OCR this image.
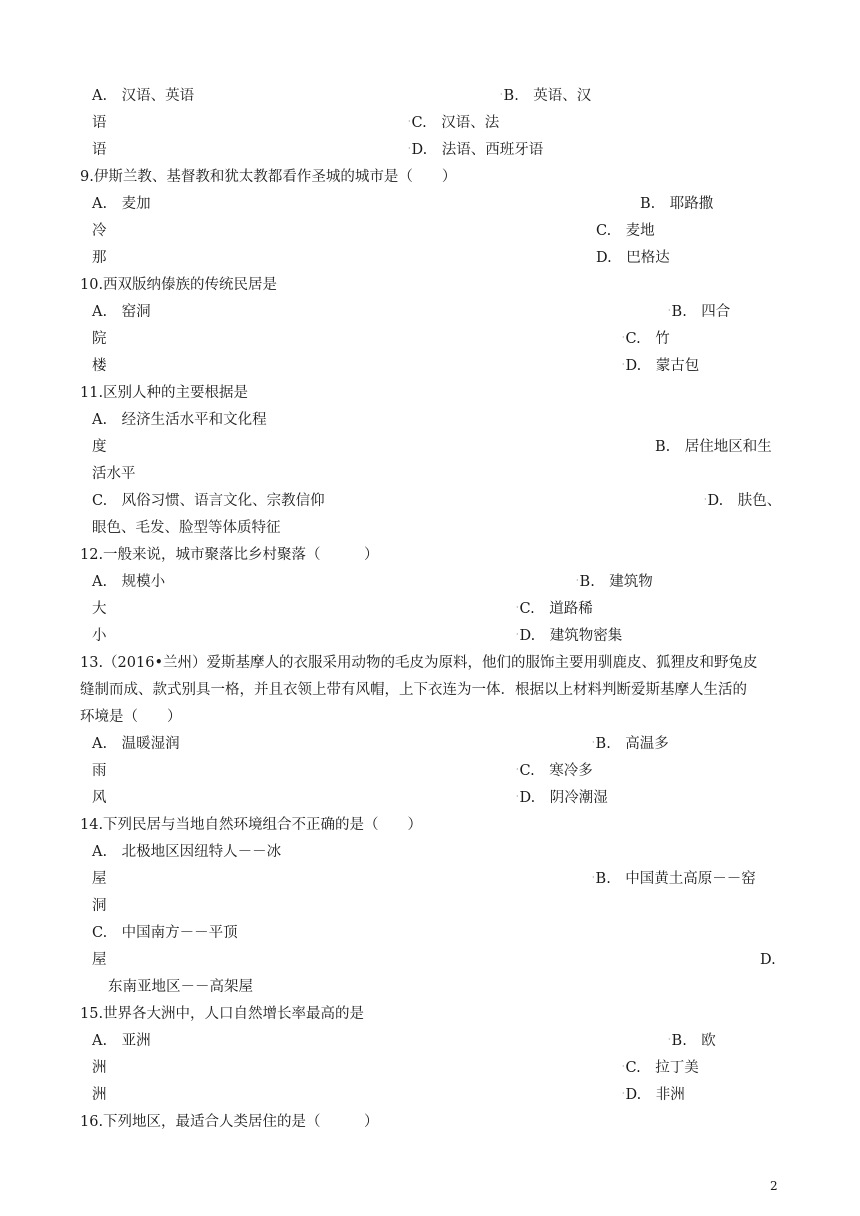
A.　汉语、英语	· B.　英语、汉
语	· C.　汉语、法
语	· D.　法语、西班牙语
9.伊斯兰教、基督教和犹太教都看作圣城的城市是（　　）
A.　麦加	B.　耶路撒
冷	C.　麦地
那	D.　巴格达
10.西双版纳傣族的传统民居是
A.　窑洞	· B.　四合
院	· C.　竹
楼	· D.　蒙古包
11.区别人种的主要根据是
A.　经济生活水平和文化程
度	B.　居住地区和生
活水平
C.　风俗习惯、语言文化、宗教信仰	· D.　肤色、
眼色、毛发、脸型等体质特征
12.一般来说，城市聚落比乡村聚落（　　　）
A.　规模小	· B.　建筑物
大	· C.　道路稀
小	· D.　建筑物密集
13.（2016•兰州）爱斯基摩人的衣服采用动物的毛皮为原料，他们的服饰主要用驯鹿皮、狐狸皮和野兔皮
缝制而成、款式别具一格，并且衣领上带有风帽，上下衣连为一体．根据以上材料判断爱斯基摩人生活的
环境是（　　）
A.　温暖湿润	· B.　高温多
雨	· C.　寒冷多
风	· D.　阴冷潮湿
14.下列民居与当地自然环境组合不正确的是（　　）
A.　北极地区因纽特人－－冰
屋	· B.　中国黄土高原－－窑
洞
C.　中国南方－－平顶
屋	D.
东南亚地区－－高架屋
15.世界各大洲中，人口自然增长率最高的是
A.　亚洲	· B.　欧
洲	· C.　拉丁美
洲	· D.　非洲
16.下列地区，最适合人类居住的是（　　　）
2
